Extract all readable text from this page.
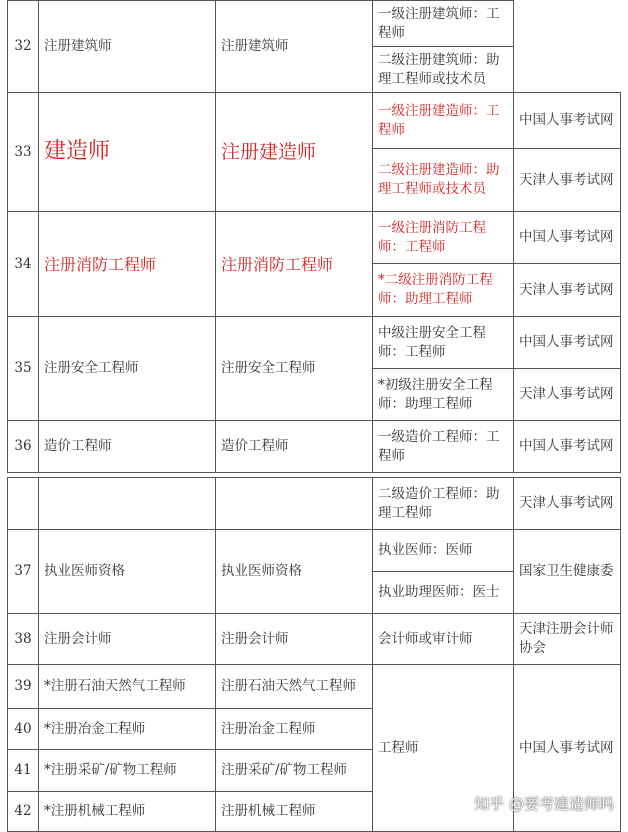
32	注册建筑师	注册建筑师	一级注册建筑师：工程师	
			二级注册建筑师：助理工程师或技术员	
33	建造师	注册建造师	一级注册建造师：工程师	中国人事考试网
			二级注册建造师：助理工程师或技术员	天津人事考试网
34	注册消防工程师	注册消防工程师	一级注册消防工程师：工程师	中国人事考试网
			*二级注册消防工程师：助理工程师	天津人事考试网
35	注册安全工程师	注册安全工程师	中级注册安全工程师：工程师	中国人事考试网
			*初级注册安全工程师：助理工程师	天津人事考试网
36	造价工程师	造价工程师	一级造价工程师：工程师	中国人事考试网
			二级造价工程师：助理工程师	天津人事考试网
37	执业医师资格	执业医师资格	执业医师：医师	国家卫生健康委
			执业助理医师：医士	
38	注册会计师	注册会计师	会计师或审计师	天津注册会计师协会
39	*注册石油天然气工程师	注册石油天然气工程师	工程师	中国人事考试网
40	*注册冶金工程师	注册冶金工程师		
41	*注册采矿/矿物工程师	注册采矿/矿物工程师		
42	*注册机械工程师	注册机械工程师			知乎 @要考建造师吗
